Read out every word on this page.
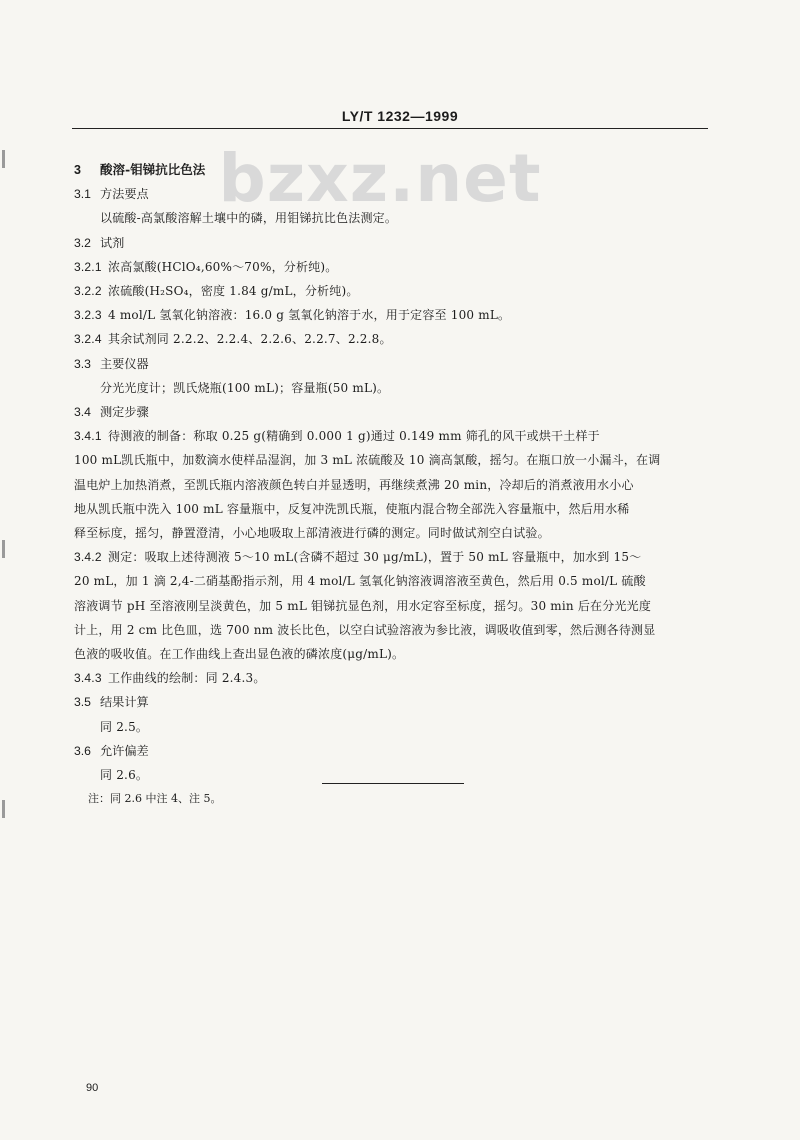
LY/T 1232—1999
bzxz.net
3 酸溶-钼锑抗比色法
3.1 方法要点
以硫酸-高氯酸溶解土壤中的磷，用钼锑抗比色法测定。
3.2 试剂
3.2.1 浓高氯酸(HClO₄,60%～70%，分析纯)。
3.2.2 浓硫酸(H₂SO₄，密度 1.84 g/mL，分析纯)。
3.2.3 4 mol/L 氢氧化钠溶液：16.0 g 氢氧化钠溶于水，用于定容至 100 mL。
3.2.4 其余试剂同 2.2.2、2.2.4、2.2.6、2.2.7、2.2.8。
3.3 主要仪器
分光光度计；凯氏烧瓶(100 mL)；容量瓶(50 mL)。
3.4 测定步骤
3.4.1 待测液的制备：称取 0.25 g(精确到 0.000 1 g)通过 0.149 mm 筛孔的风干或烘干土样于
100 mL凯氏瓶中，加数滴水使样品湿润，加 3 mL 浓硫酸及 10 滴高氯酸，摇匀。在瓶口放一小漏斗，在调
温电炉上加热消煮，至凯氏瓶内溶液颜色转白并显透明，再继续煮沸 20 min，冷却后的消煮液用水小心
地从凯氏瓶中洗入 100 mL 容量瓶中，反复冲洗凯氏瓶，使瓶内混合物全部洗入容量瓶中，然后用水稀
释至标度，摇匀，静置澄清，小心地吸取上部清液进行磷的测定。同时做试剂空白试验。
3.4.2 测定：吸取上述待测液 5～10 mL(含磷不超过 30 μg/mL)，置于 50 mL 容量瓶中，加水到 15～
20 mL，加 1 滴 2,4-二硝基酚指示剂，用 4 mol/L 氢氧化钠溶液调溶液至黄色，然后用 0.5 mol/L 硫酸
溶液调节 pH 至溶液刚呈淡黄色，加 5 mL 钼锑抗显色剂，用水定容至标度，摇匀。30 min 后在分光光度
计上，用 2 cm 比色皿，选 700 nm 波长比色，以空白试验溶液为参比液，调吸收值到零，然后测各待测显
色液的吸收值。在工作曲线上查出显色液的磷浓度(μg/mL)。
3.4.3 工作曲线的绘制：同 2.4.3。
3.5 结果计算
同 2.5。
3.6 允许偏差
同 2.6。
注：同 2.6 中注 4、注 5。
90
